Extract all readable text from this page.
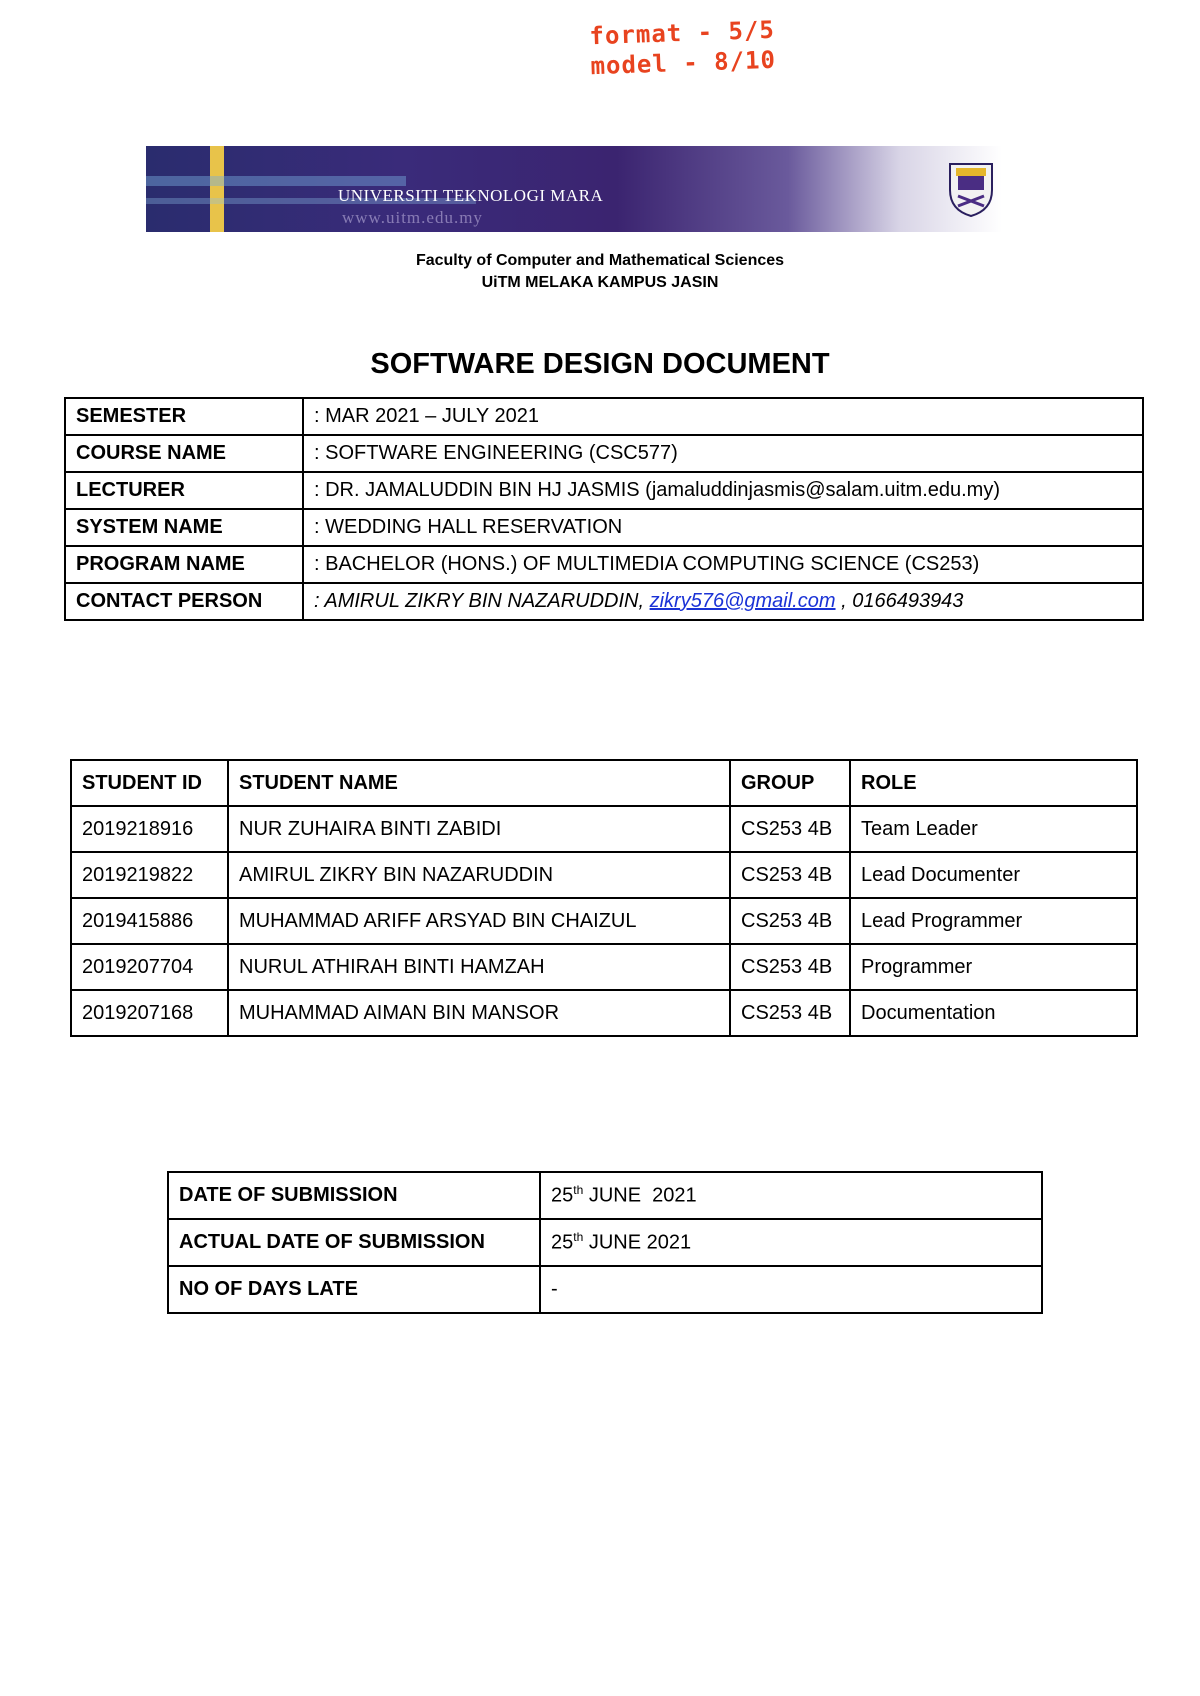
format - 5/5
model - 8/10
UNIVERSITI TEKNOLOGI MARA
www.uitm.edu.my
Faculty of Computer and Mathematical Sciences
UiTM MELAKA KAMPUS JASIN
SOFTWARE DESIGN DOCUMENT
SEMESTER	: MAR 2021 – JULY 2021
COURSE NAME	: SOFTWARE ENGINEERING (CSC577)
LECTURER	: DR. JAMALUDDIN BIN HJ JASMIS (jamaluddinjasmis@salam.uitm.edu.my)
SYSTEM NAME	: WEDDING HALL RESERVATION
PROGRAM NAME	: BACHELOR (HONS.) OF MULTIMEDIA COMPUTING SCIENCE (CS253)
CONTACT PERSON	: AMIRUL ZIKRY BIN NAZARUDDIN, zikry576@gmail.com , 0166493943
STUDENT ID	STUDENT NAME	GROUP	ROLE
2019218916	NUR ZUHAIRA BINTI ZABIDI	CS253 4B	Team Leader
2019219822	AMIRUL ZIKRY BIN NAZARUDDIN	CS253 4B	Lead Documenter
2019415886	MUHAMMAD ARIFF ARSYAD BIN CHAIZUL	CS253 4B	Lead Programmer
2019207704	NURUL ATHIRAH BINTI HAMZAH	CS253 4B	Programmer
2019207168	MUHAMMAD AIMAN BIN MANSOR	CS253 4B	Documentation
DATE OF SUBMISSION	25th JUNE  2021
ACTUAL DATE OF SUBMISSION	25th JUNE 2021
NO OF DAYS LATE	-
